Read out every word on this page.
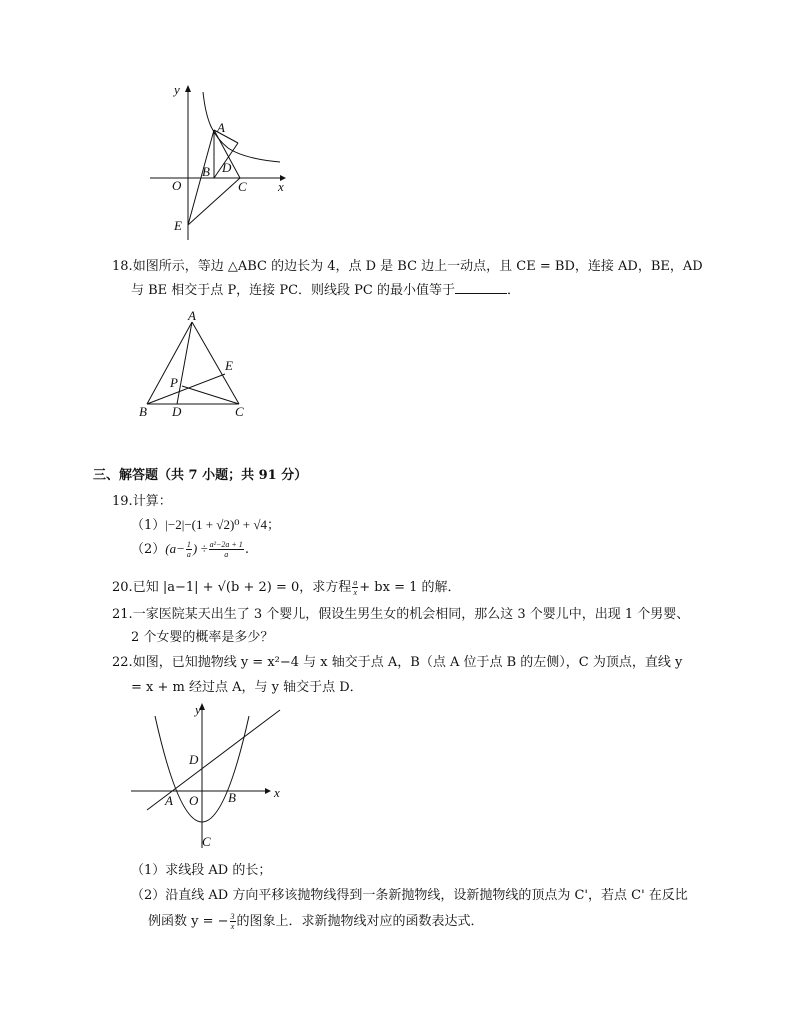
y
x
O
A
B D
C
E
18.如图所示，等边 △ABC 的边长为 4，点 D 是 BC 边上一动点，且 CE = BD，连接 AD，BE，AD
与 BE 相交于点 P，连接 PC．则线段 PC 的最小值等于	．
A
B D	C
E
P
三、解答题（共 7 小题；共 91 分）
19.计算：
（1）|−2|−(1 + √2)⁰ + √4；
$(2)(a- \frac{1}{a}$ ) ÷ $\frac{\text{a²−2a + 1}}{a}$ .
20.已知 |a−1| + √(b + 2) = 0，求方程 $\frac{a}{x}$ + bx = 1 的解．
21.一家医院某天出生了 3 个婴儿，假设生男生女的机会相同，那么这 3 个婴儿中，出现 1 个男婴、
2 个女婴的概率是多少？
22.如图，已知抛物线 y = x²−4 与 x 轴交于点 A，B（点 A 位于点 B 的左侧），C 为顶点，直线 y
= x + m 经过点 A，与 y 轴交于点 D．
y
x
D
A O B
C
（1）求线段 AD 的长；
（2）沿直线 AD 方向平移该抛物线得到一条新抛物线，设新抛物线的顶点为 C'，若点 C' 在反比
例函数 y = − $\frac{3}{x}$ 的图象上．求新抛物线对应的函数表达式．
